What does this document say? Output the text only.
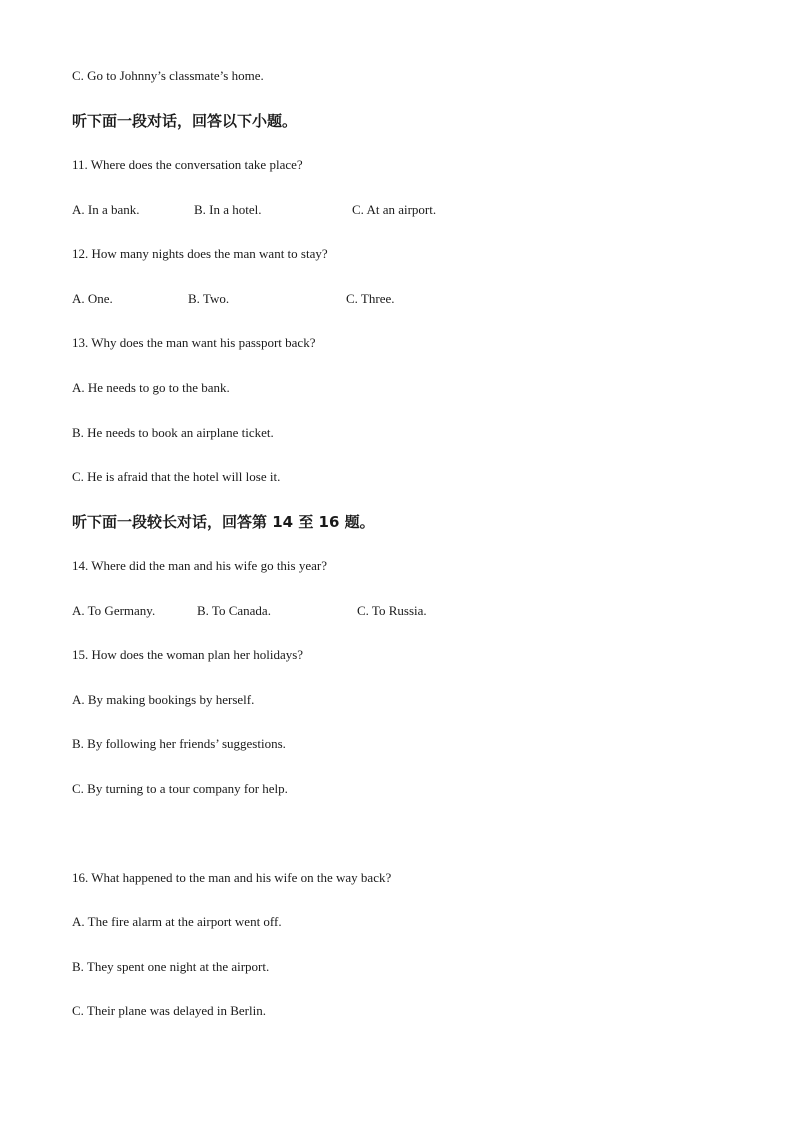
C. Go to Johnny’s classmate’s home.
听下面一段对话，回答以下小题。
11. Where does the conversation take place?
A. In a bank.	B. In a hotel.	C. At an airport.
12. How many nights does the man want to stay?
A. One.	B. Two.	C. Three.
13. Why does the man want his passport back?
A. He needs to go to the bank.
B. He needs to book an airplane ticket.
C. He is afraid that the hotel will lose it.
听下面一段较长对话，回答第 14 至 16 题。
14. Where did the man and his wife go this year?
A. To Germany.	B. To Canada.	C. To Russia.
15. How does the woman plan her holidays?
A. By making bookings by herself.
B. By following her friends’ suggestions.
C. By turning to a tour company for help.
16. What happened to the man and his wife on the way back?
A. The fire alarm at the airport went off.
B. They spent one night at the airport.
C. Their plane was delayed in Berlin.
